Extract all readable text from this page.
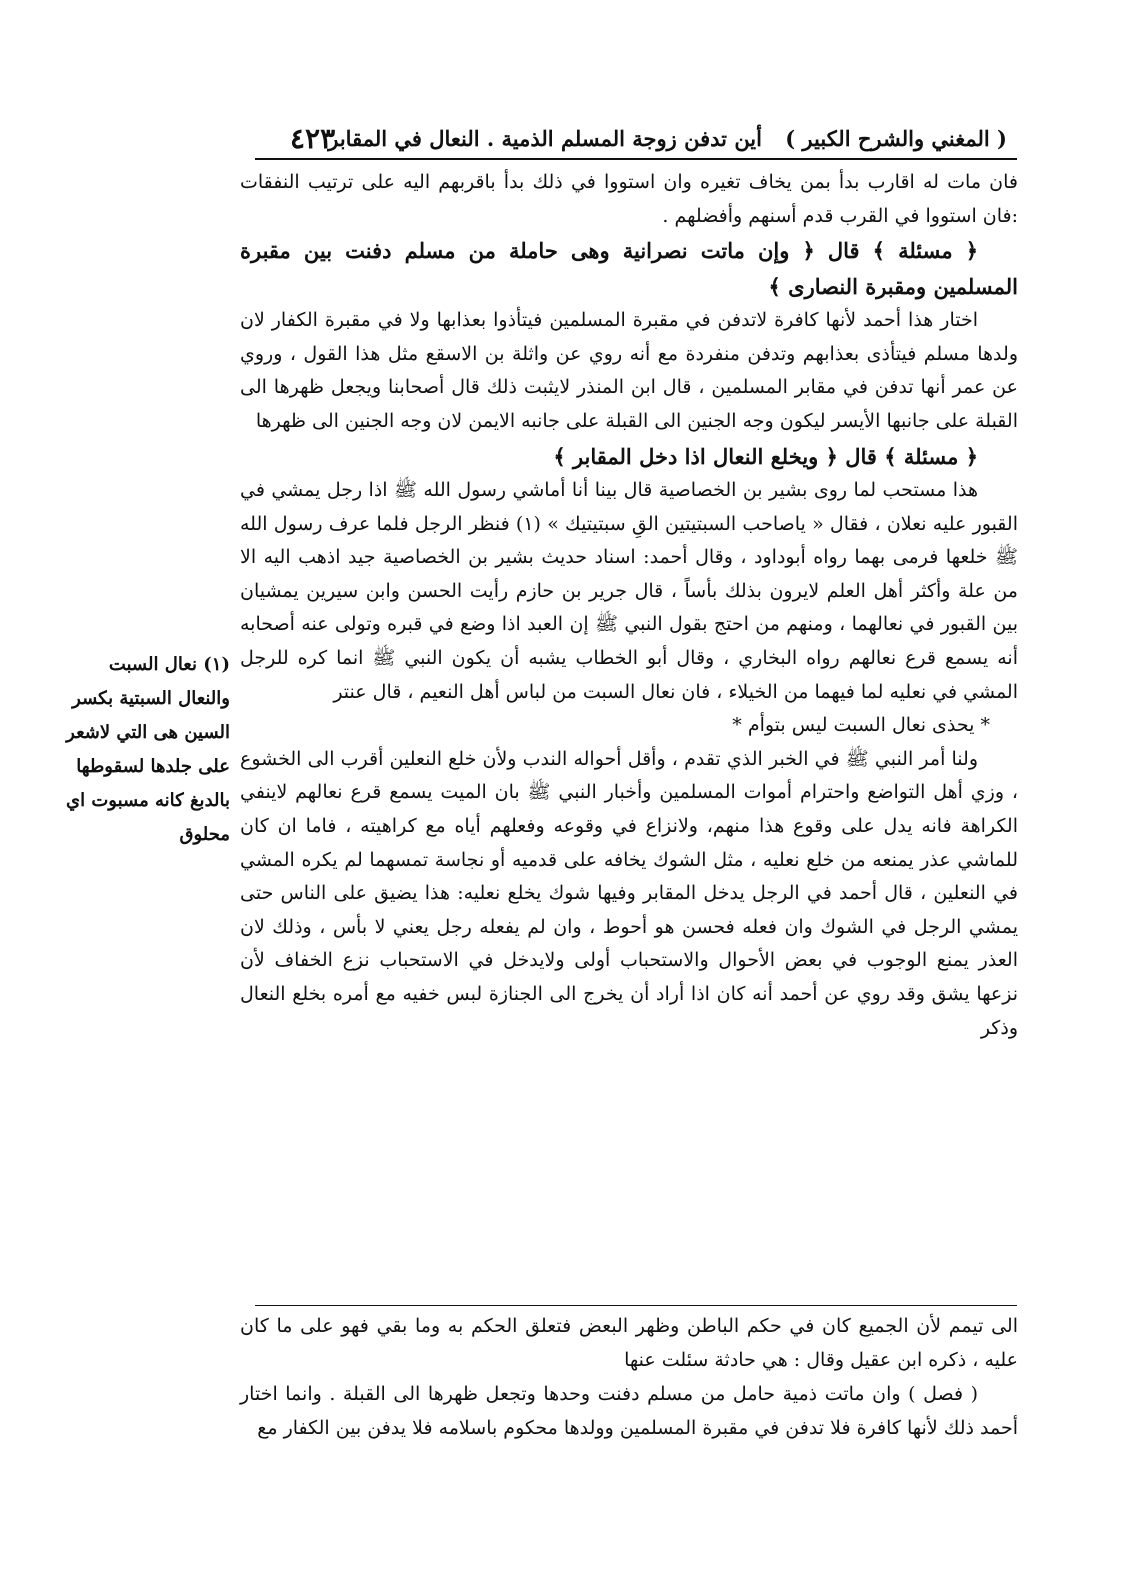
( المغني والشرح الكبير )
أين تدفن زوجة المسلم الذمية . النعال في المقابر
٤٢٣

فان مات له اقارب بدأ بمن يخاف تغيره وان استووا في ذلك بدأ باقربهم اليه على ترتيب النفقات :فان استووا في القرب قدم أسنهم وأفضلهم .

﴿ مسئلة ﴾ قال ﴿ وإن ماتت نصرانية وهى حاملة من مسلم دفنت بين مقبرة المسلمين ومقبرة النصارى ﴾

اختار هذا أحمد لأنها كافرة لاتدفن في مقبرة المسلمين فيتأذوا بعذابها ولا في مقبرة الكفار لان ولدها مسلم فيتأذى بعذابهم وتدفن منفردة مع أنه روي عن واثلة بن الاسقع مثل هذا القول ، وروي عن عمر أنها تدفن في مقابر المسلمين ، قال ابن المنذر لايثبت ذلك قال أصحابنا ويجعل ظهرها الى القبلة على جانبها الأيسر ليكون وجه الجنين الى القبلة على جانبه الايمن لان وجه الجنين الى ظهرها

﴿ مسئلة ﴾ قال ﴿ ويخلع النعال اذا دخل المقابر ﴾

هذا مستحب لما روى بشير بن الخصاصية قال بينا أنا أماشي رسول الله ﷺ اذا رجل يمشي في القبور عليه نعلان ، فقال « ياصاحب السبتيتين القِ سبتيتيك » (١) فنظر الرجل فلما عرف رسول الله ﷺ خلعها فرمى بهما رواه أبوداود ، وقال أحمد: اسناد حديث بشير بن الخصاصية جيد اذهب اليه الا من علة وأكثر أهل العلم لايرون بذلك بأساً ، قال جرير بن حازم رأيت الحسن وابن سيرين يمشيان بين القبور في نعالهما ، ومنهم من احتج بقول النبي ﷺ إن العبد اذا وضع في قبره وتولى عنه أصحابه أنه يسمع قرع نعالهم رواه البخاري ، وقال أبو الخطاب يشبه أن يكون النبي ﷺ انما كره للرجل المشي في نعليه لما فيهما من الخيلاء ، فان نعال السبت من لباس أهل النعيم ، قال عنتر

* يحذى نعال السبت ليس بتوأم *

ولنا أمر النبي ﷺ في الخبر الذي تقدم ، وأقل أحواله الندب ولأن خلع النعلين أقرب الى الخشوع ، وزي أهل التواضع واحترام أموات المسلمين وأخبار النبي ﷺ بان الميت يسمع قرع نعالهم لاينفي الكراهة فانه يدل على وقوع هذا منهم، ولانزاع في وقوعه وفعلهم أياه مع كراهيته ، فاما ان كان للماشي عذر يمنعه من خلع نعليه ، مثل الشوك يخافه على قدميه أو نجاسة تمسهما لم يكره المشي في النعلين ، قال أحمد في الرجل يدخل المقابر وفيها شوك يخلع نعليه: هذا يضيق على الناس حتى يمشي الرجل في الشوك وان فعله فحسن هو أحوط ، وان لم يفعله رجل يعني لا بأس ، وذلك لان العذر يمنع الوجوب في بعض الأحوال والاستحباب أولى ولايدخل في الاستحباب نزع الخفاف لأن نزعها يشق وقد روي عن أحمد أنه كان اذا أراد أن يخرج الى الجنازة لبس خفيه مع أمره بخلع النعال وذكر

(١) نعال السبت والنعال السبتية بكسر السين هى التي لاشعر على جلدها لسقوطها بالدبغ كانه مسبوت اي محلوق

الى تيمم لأن الجميع كان في حكم الباطن وظهر البعض فتعلق الحكم به وما بقي فهو على ما كان عليه ، ذكره ابن عقيل وقال : هي حادثة سئلت عنها

( فصل ) وان ماتت ذمية حامل من مسلم دفنت وحدها وتجعل ظهرها الى القبلة . وانما اختار أحمد ذلك لأنها كافرة فلا تدفن في مقبرة المسلمين وولدها محكوم باسلامه فلا يدفن بين الكفار مع
